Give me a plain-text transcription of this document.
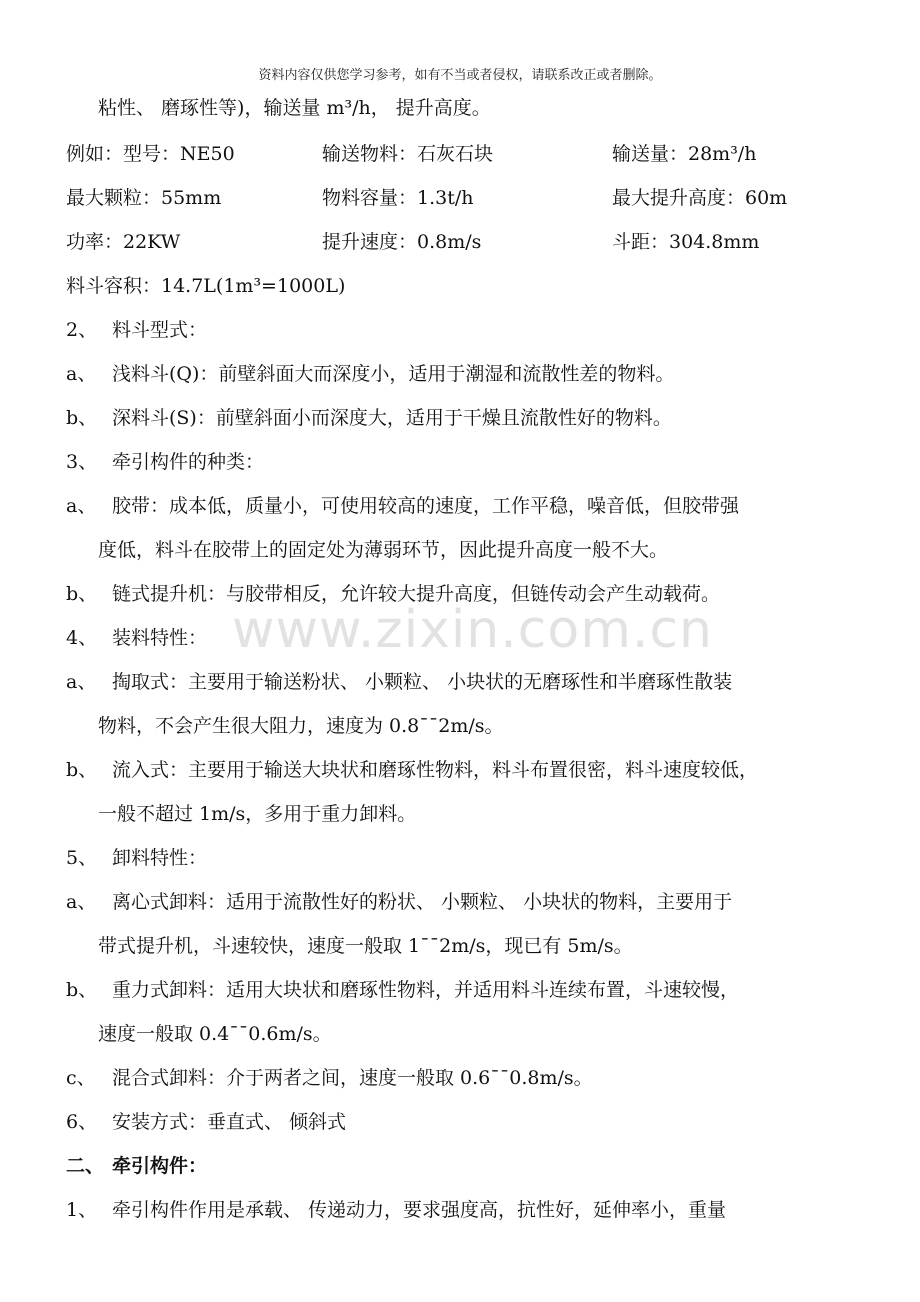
资料内容仅供您学习参考，如有不当或者侵权，请联系改正或者删除。
www.zixin.com.cn
粘性、 磨琢性等)，输送量 m³/h， 提升高度。
例如：型号：NE50	输送物料：石灰石块	输送量：28m³/h
最大颗粒：55mm	物料容量：1.3t/h	最大提升高度：60m
功率：22KW	提升速度：0.8m/s	斗距：304.8mm
料斗容积：14.7L(1m³=1000L)
2、 料斗型式：
a、 浅料斗(Q)：前壁斜面大而深度小，适用于潮湿和流散性差的物料。
b、 深料斗(S)：前壁斜面小而深度大，适用于干燥且流散性好的物料。
3、 牵引构件的种类：
a、 胶带：成本低，质量小，可使用较高的速度，工作平稳，噪音低，但胶带强
度低，料斗在胶带上的固定处为薄弱环节，因此提升高度一般不大。
b、 链式提升机：与胶带相反，允许较大提升高度，但链传动会产生动载荷。
4、 装料特性：
a、 掏取式：主要用于输送粉状、 小颗粒、 小块状的无磨琢性和半磨琢性散装
物料，不会产生很大阻力，速度为 0.8¯¯2m/s。
b、 流入式：主要用于输送大块状和磨琢性物料，料斗布置很密，料斗速度较低，
一般不超过 1m/s，多用于重力卸料。
5、 卸料特性：
a、 离心式卸料：适用于流散性好的粉状、 小颗粒、 小块状的物料，主要用于
带式提升机，斗速较快，速度一般取 1¯¯2m/s，现已有 5m/s。
b、 重力式卸料：适用大块状和磨琢性物料，并适用料斗连续布置，斗速较慢，
速度一般取 0.4¯¯0.6m/s。
c、 混合式卸料：介于两者之间，速度一般取 0.6¯¯0.8m/s。
6、 安装方式：垂直式、 倾斜式
二、 牵引构件：
1、 牵引构件作用是承载、 传递动力，要求强度高，抗性好，延伸率小，重量
